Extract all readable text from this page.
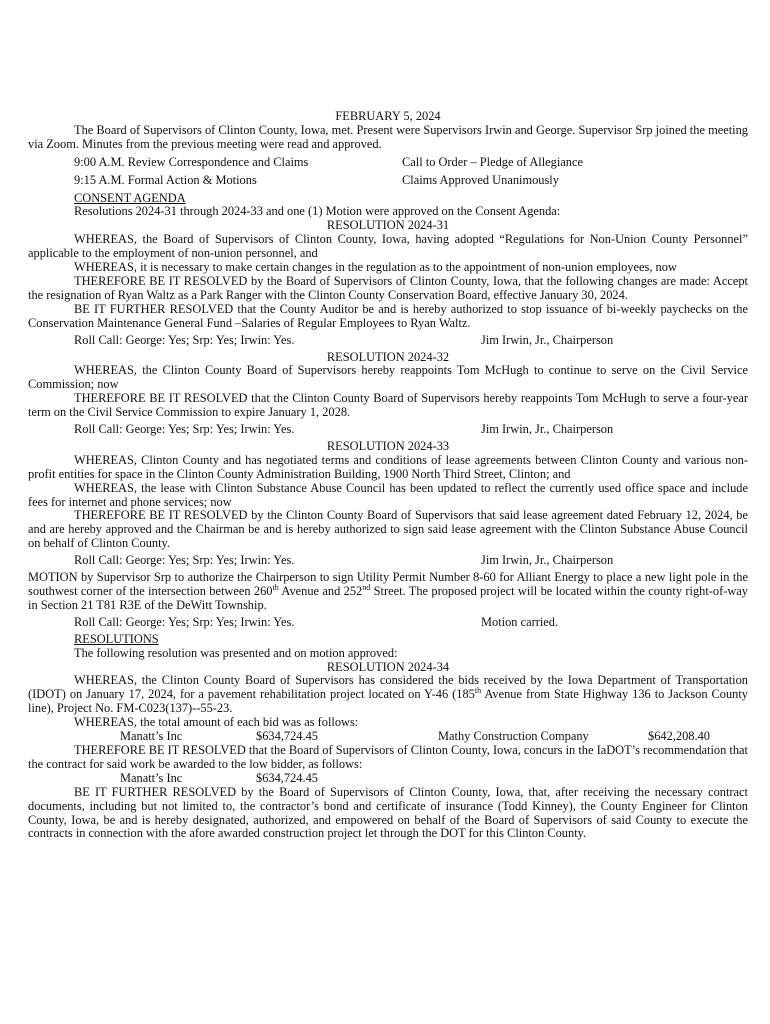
FEBRUARY 5, 2024

The Board of Supervisors of Clinton County, Iowa, met. Present were Supervisors Irwin and George. Supervisor Srp joined the meeting via Zoom. Minutes from the previous meeting were read and approved.

9:00 A.M. Review Correspondence and Claims	Call to Order – Pledge of Allegiance
9:15 A.M. Formal Action & Motions	Claims Approved Unanimously

CONSENT AGENDA

Resolutions 2024-31 through 2024-33 and one (1) Motion were approved on the Consent Agenda:

RESOLUTION 2024-31

WHEREAS, the Board of Supervisors of Clinton County, Iowa, having adopted “Regulations for Non-Union County Personnel” applicable to the employment of non-union personnel, and

WHEREAS, it is necessary to make certain changes in the regulation as to the appointment of non-union employees, now

THEREFORE BE IT RESOLVED by the Board of Supervisors of Clinton County, Iowa, that the following changes are made: Accept the resignation of Ryan Waltz as a Park Ranger with the Clinton County Conservation Board, effective January 30, 2024.

BE IT FURTHER RESOLVED that the County Auditor be and is hereby authorized to stop issuance of bi-weekly paychecks on the Conservation Maintenance General Fund –Salaries of Regular Employees to Ryan Waltz.

Roll Call: George: Yes; Srp: Yes; Irwin: Yes.	Jim Irwin, Jr., Chairperson

RESOLUTION 2024-32

WHEREAS, the Clinton County Board of Supervisors hereby reappoints Tom McHugh to continue to serve on the Civil Service Commission; now

THEREFORE BE IT RESOLVED that the Clinton County Board of Supervisors hereby reappoints Tom McHugh to serve a four-year term on the Civil Service Commission to expire January 1, 2028.

Roll Call: George: Yes; Srp: Yes; Irwin: Yes.	Jim Irwin, Jr., Chairperson

RESOLUTION 2024-33

WHEREAS, Clinton County and has negotiated terms and conditions of lease agreements between Clinton County and various non-profit entities for space in the Clinton County Administration Building, 1900 North Third Street, Clinton; and

WHEREAS, the lease with Clinton Substance Abuse Council has been updated to reflect the currently used office space and include fees for internet and phone services; now

THEREFORE BE IT RESOLVED by the Clinton County Board of Supervisors that said lease agreement dated February 12, 2024, be and are hereby approved and the Chairman be and is hereby authorized to sign said lease agreement with the Clinton Substance Abuse Council on behalf of Clinton County.

Roll Call: George: Yes; Srp: Yes; Irwin: Yes.	Jim Irwin, Jr., Chairperson

MOTION by Supervisor Srp to authorize the Chairperson to sign Utility Permit Number 8-60 for Alliant Energy to place a new light pole in the southwest corner of the intersection between 260th Avenue and 252nd Street. The proposed project will be located within the county right-of-way in Section 21 T81 R3E of the DeWitt Township.

Roll Call: George: Yes; Srp: Yes; Irwin: Yes.	Motion carried.

RESOLUTIONS

The following resolution was presented and on motion approved:

RESOLUTION 2024-34

WHEREAS, the Clinton County Board of Supervisors has considered the bids received by the Iowa Department of Transportation (IDOT) on January 17, 2024, for a pavement rehabilitation project located on Y-46 (185th Avenue from State Highway 136 to Jackson County line), Project No. FM-C023(137)--55-23.

WHEREAS, the total amount of each bid was as follows:

Manatt’s Inc	$634,724.45	Mathy Construction Company	$642,208.40

THEREFORE BE IT RESOLVED that the Board of Supervisors of Clinton County, Iowa, concurs in the IaDOT’s recommendation that the contract for said work be awarded to the low bidder, as follows:

Manatt’s Inc	$634,724.45

BE IT FURTHER RESOLVED by the Board of Supervisors of Clinton County, Iowa, that, after receiving the necessary contract documents, including but not limited to, the contractor’s bond and certificate of insurance (Todd Kinney), the County Engineer for Clinton County, Iowa, be and is hereby designated, authorized, and empowered on behalf of the Board of Supervisors of said County to execute the contracts in connection with the afore awarded construction project let through the DOT for this Clinton County.
